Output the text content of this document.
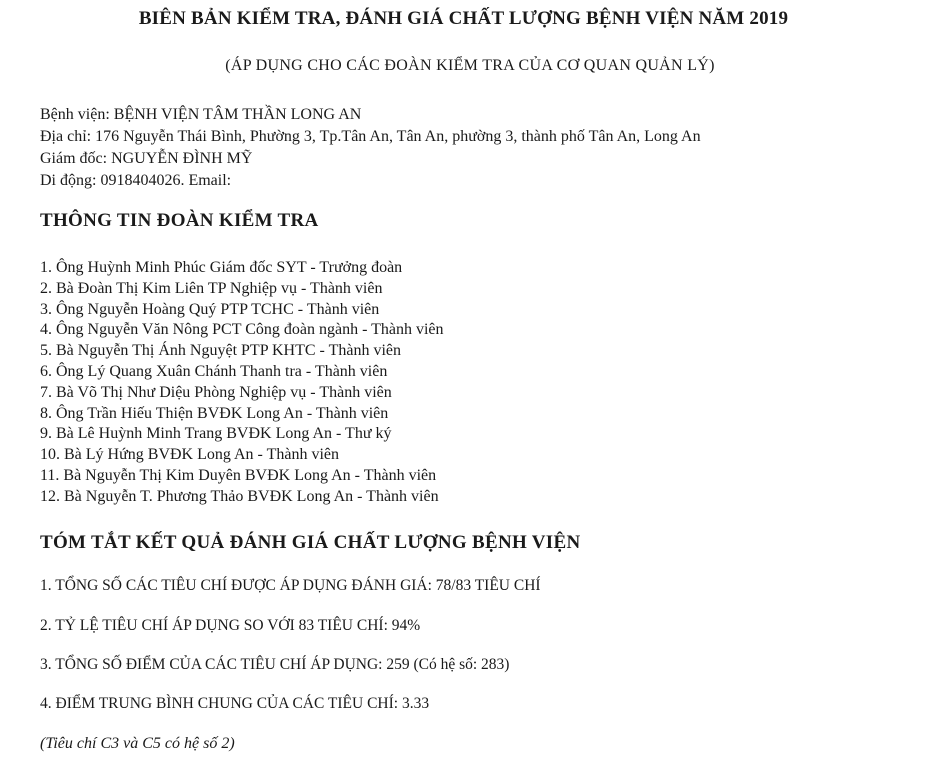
BIÊN BẢN KIỂM TRA, ĐÁNH GIÁ CHẤT LƯỢNG BỆNH VIỆN NĂM 2019
(ÁP DỤNG CHO CÁC ĐOÀN KIỂM TRA CỦA CƠ QUAN QUẢN LÝ)
Bệnh viện: BỆNH VIỆN TÂM THẦN LONG AN
Địa chỉ: 176 Nguyễn Thái Bình, Phường 3, Tp.Tân An, Tân An, phường 3, thành phố Tân An, Long An
Giám đốc: NGUYỄN ĐÌNH MỸ
Di động: 0918404026. Email:
THÔNG TIN ĐOÀN KIỂM TRA
1. Ông Huỳnh Minh Phúc Giám đốc SYT - Trưởng đoàn
2. Bà Đoàn Thị Kim Liên TP Nghiệp vụ - Thành viên
3. Ông Nguyễn Hoàng Quý PTP TCHC - Thành viên
4. Ông Nguyễn Văn Nông PCT Công đoàn ngành - Thành viên
5. Bà Nguyễn Thị Ánh Nguyệt PTP KHTC - Thành viên
6. Ông Lý Quang Xuân Chánh Thanh tra - Thành viên
7. Bà Võ Thị Như Diệu Phòng Nghiệp vụ - Thành viên
8. Ông Trần Hiếu Thiện BVĐK Long An - Thành viên
9. Bà Lê Huỳnh Minh Trang BVĐK Long An - Thư ký
10. Bà Lý Hứng BVĐK Long An - Thành viên
11. Bà Nguyễn Thị Kim Duyên BVĐK Long An - Thành viên
12. Bà Nguyễn T. Phương Thảo BVĐK Long An - Thành viên
TÓM TẮT KẾT QUẢ ĐÁNH GIÁ CHẤT LƯỢNG BỆNH VIỆN
1. TỔNG SỐ CÁC TIÊU CHÍ ĐƯỢC ÁP DỤNG ĐÁNH GIÁ: 78/83 TIÊU CHÍ
2. TỶ LỆ TIÊU CHÍ ÁP DỤNG SO VỚI 83 TIÊU CHÍ: 94%
3. TỔNG SỐ ĐIỂM CỦA CÁC TIÊU CHÍ ÁP DỤNG: 259 (Có hệ số: 283)
4. ĐIỂM TRUNG BÌNH CHUNG CỦA CÁC TIÊU CHÍ: 3.33
(Tiêu chí C3 và C5 có hệ số 2)
